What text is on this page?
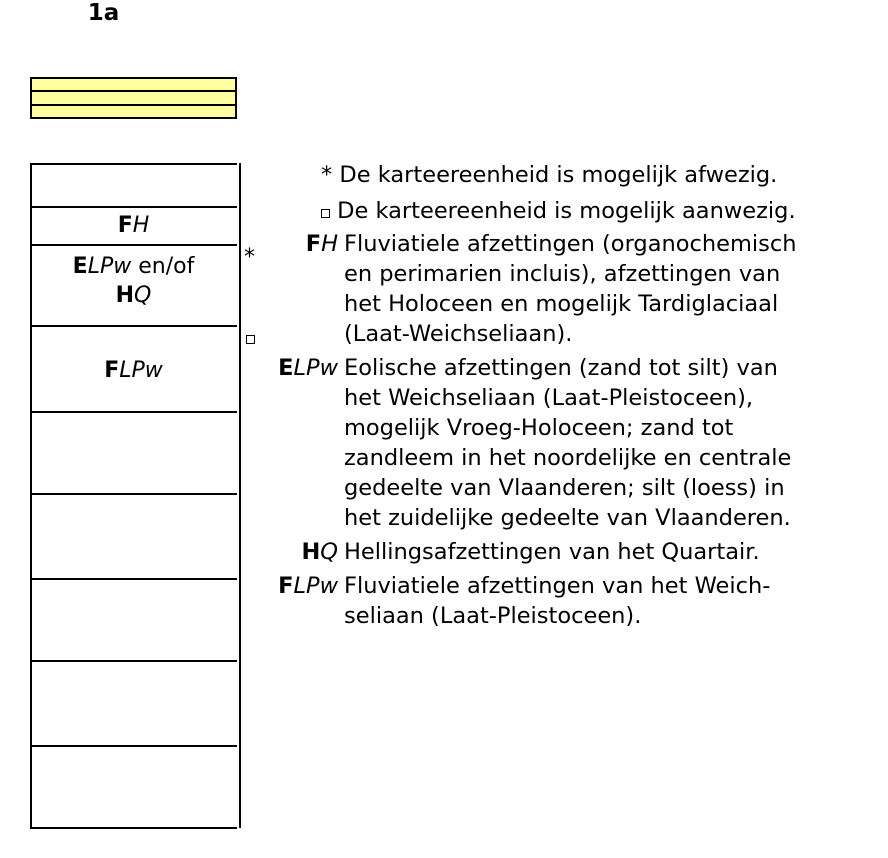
1a
FH
ELPw en/of
HQ
FLPw
*
* De karteereenheid is mogelijk afwezig.
De karteereenheid is mogelijk aanwezig.
FH Fluviatiele afzettingen (organochemisch
en perimarien incluis), afzettingen van
het Holoceen en mogelijk Tardiglaciaal
(Laat-Weichseliaan).
ELPw Eolische afzettingen (zand tot silt) van
het Weichseliaan (Laat-Pleistoceen),
mogelijk Vroeg-Holoceen; zand tot
zandleem in het noordelijke en centrale
gedeelte van Vlaanderen; silt (loess) in
het zuidelijke gedeelte van Vlaanderen.
HQ Hellingsafzettingen van het Quartair.
FLPw Fluviatiele afzettingen van het Weich-
seliaan (Laat-Pleistoceen).
